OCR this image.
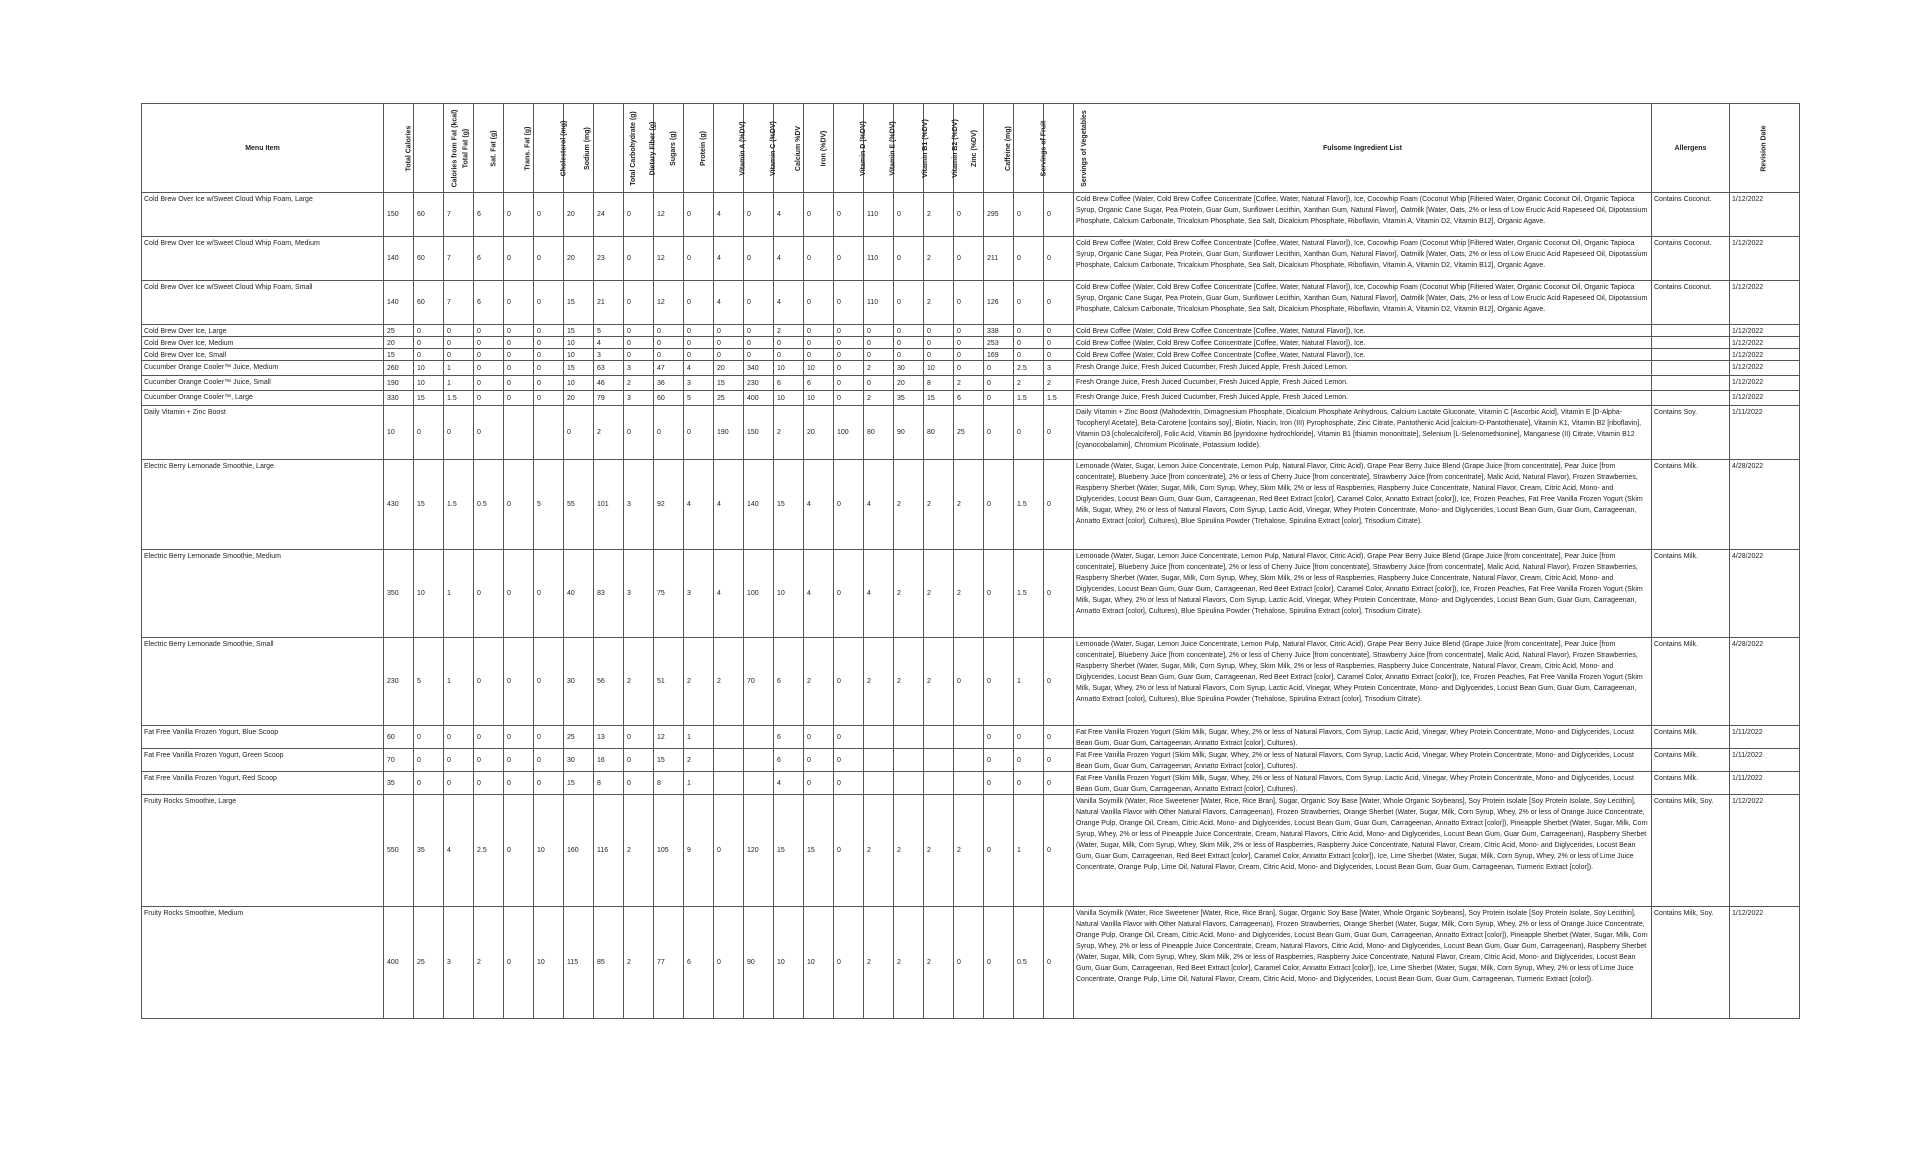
Menu Item	Total Calories	Calories from Fat (kcal)	Total Fat (g)	Sat. Fat (g)	Trans. Fat (g)	Cholesterol (mg)	Sodium (mg)	Total Carbohydrate (g)	Dietary Fiber (g)	Sugars (g)	Protein (g)	Vitamin A (%DV)	Vitamin C (%DV)	Calcium %DV	Iron (%DV)	Vitamin D (%DV)	Vitamin E (%DV)	Vitamin B1 (%DV)	Vitamin B2 (%DV)	Zinc (%DV)	Caffeine (mg)	Servings of Fruit	Servings of Vegetables	Fulsome Ingredient List	Allergens	Revision Date

Cold Brew Over Ice w/Sweet Cloud Whip Foam, Large	150	60	7	6	0	0	20	24	0	12	0	4	0	4	0	0	110	0	2	0	295	0	0	Cold Brew Coffee (Water, Cold Brew Coffee Concentrate [Coffee, Water, Natural Flavor]), Ice, Cocowhip Foam (Coconut Whip [Filtered Water, Organic Coconut Oil, Organic Tapioca Syrup, Organic Cane Sugar, Pea Protein, Guar Gum, Sunflower Lecithin, Xanthan Gum, Natural Flavor], Oatmilk [Water, Oats, 2% or less of Low Erucic Acid Rapeseed Oil, Dipotassium Phosphate, Calcium Carbonate, Tricalcium Phosphate, Sea Salt, Dicalcium Phosphate, Riboflavin, Vitamin A, Vitamin D2, Vitamin B12], Organic Agave.	Contains Coconut.	1/12/2022

Cold Brew Over Ice w/Sweet Cloud Whip Foam, Medium	140	60	7	6	0	0	20	23	0	12	0	4	0	4	0	0	110	0	2	0	211	0	0	Cold Brew Coffee (Water, Cold Brew Coffee Concentrate [Coffee, Water, Natural Flavor]), Ice, Cocowhip Foam (Coconut Whip [Filtered Water, Organic Coconut Oil, Organic Tapioca Syrup, Organic Cane Sugar, Pea Protein, Guar Gum, Sunflower Lecithin, Xanthan Gum, Natural Flavor], Oatmilk [Water, Oats, 2% or less of Low Erucic Acid Rapeseed Oil, Dipotassium Phosphate, Calcium Carbonate, Tricalcium Phosphate, Sea Salt, Dicalcium Phosphate, Riboflavin, Vitamin A, Vitamin D2, Vitamin B12], Organic Agave.	Contains Coconut.	1/12/2022

Cold Brew Over Ice w/Sweet Cloud Whip Foam, Small	140	60	7	6	0	0	15	21	0	12	0	4	0	4	0	0	110	0	2	0	126	0	0	Cold Brew Coffee (Water, Cold Brew Coffee Concentrate [Coffee, Water, Natural Flavor]), Ice, Cocowhip Foam (Coconut Whip [Filtered Water, Organic Coconut Oil, Organic Tapioca Syrup, Organic Cane Sugar, Pea Protein, Guar Gum, Sunflower Lecithin, Xanthan Gum, Natural Flavor], Oatmilk [Water, Oats, 2% or less of Low Erucic Acid Rapeseed Oil, Dipotassium Phosphate, Calcium Carbonate, Tricalcium Phosphate, Sea Salt, Dicalcium Phosphate, Riboflavin, Vitamin A, Vitamin D2, Vitamin B12], Organic Agave.	Contains Coconut.	1/12/2022

Cold Brew Over Ice, Large	25	0	0	0	0	0	15	5	0	0	0	0	0	2	0	0	0	0	0	0	338	0	0	Cold Brew Coffee (Water, Cold Brew Coffee Concentrate [Coffee, Water, Natural Flavor]), Ice.		1/12/2022

Cold Brew Over Ice, Medium	20	0	0	0	0	0	10	4	0	0	0	0	0	0	0	0	0	0	0	0	253	0	0	Cold Brew Coffee (Water, Cold Brew Coffee Concentrate [Coffee, Water, Natural Flavor]), Ice.		1/12/2022

Cold Brew Over Ice, Small	15	0	0	0	0	0	10	3	0	0	0	0	0	0	0	0	0	0	0	0	169	0	0	Cold Brew Coffee (Water, Cold Brew Coffee Concentrate [Coffee, Water, Natural Flavor]), Ice.		1/12/2022

Cucumber Orange Cooler™ Juice, Medium	260	10	1	0	0	0	15	63	3	47	4	20	340	10	10	0	2	30	10	0	0	2.5	3	Fresh Orange Juice, Fresh Juiced Cucumber, Fresh Juiced Apple, Fresh Juiced Lemon.		1/12/2022

Cucumber Orange Cooler™ Juice, Small	190	10	1	0	0	0	10	46	2	36	3	15	230	6	6	0	0	20	8	2	0	2	2	Fresh Orange Juice, Fresh Juiced Cucumber, Fresh Juiced Apple, Fresh Juiced Lemon.		1/12/2022

Cucumber Orange Cooler™, Large	330	15	1.5	0	0	0	20	79	3	60	5	25	400	10	10	0	2	35	15	6	0	1.5	1.5	Fresh Orange Juice, Fresh Juiced Cucumber, Fresh Juiced Apple, Fresh Juiced Lemon.		1/12/2022

Daily Vitamin + Zinc Boost	10	0	0	0			0	2	0	0	0	190	150	2	20	100	80	90	80	25	0	0	0	Daily Vitamin + Zinc Boost (Maltodextrin, Dimagnesium Phosphate, Dicalcium Phosphate Anhydrous, Calcium Lactate Gluconate, Vitamin C [Ascorbic Acid], Vitamin E [D-Alpha-Tocopheryl Acetate], Beta-Carotene [contains soy], Biotin, Niacin, Iron (III) Pyrophosphate, Zinc Citrate, Pantothenic Acid [calcium-D-Pantothenate], Vitamin K1, Vitamin B2 [riboflavin], Vitamin D3 [cholecalciferol], Folic Acid, Vitamin B6 [pyridoxine hydrochloride], Vitamin B1 [thiamin mononitrate], Selenium [L-Selenomethionine], Manganese (II) Citrate, Vitamin B12 [cyanocobalamin], Chromium Picolinate, Potassium Iodide).	Contains Soy.	1/11/2022

Electric Berry Lemonade Smoothie, Large	430	15	1.5	0.5	0	5	55	101	3	92	4	4	140	15	4	0	4	2	2	2	0	1.5	0	Lemonade (Water, Sugar, Lemon Juice Concentrate, Lemon Pulp, Natural Flavor, Citric Acid), Grape Pear Berry Juice Blend (Grape Juice [from concentrate], Pear Juice [from concentrate], Blueberry Juice [from concentrate], 2% or less of Cherry Juice [from concentrate], Strawberry Juice [from concentrate], Malic Acid, Natural Flavor), Frozen Strawberries, Raspberry Sherbet (Water, Sugar, Milk, Corn Syrup, Whey, Skim Milk, 2% or less of Raspberries, Raspberry Juice Concentrate, Natural Flavor, Cream, Citric Acid, Mono- and Diglycerides, Locust Bean Gum, Guar Gum, Carrageenan, Red Beet Extract [color], Caramel Color, Annatto Extract [color]), Ice, Frozen Peaches, Fat Free Vanilla Frozen Yogurt (Skim Milk, Sugar, Whey, 2% or less of Natural Flavors, Corn Syrup, Lactic Acid, Vinegar, Whey Protein Concentrate, Mono- and Diglycerides, Locust Bean Gum, Guar Gum, Carrageenan, Annatto Extract [color], Cultures), Blue Spirulina Powder (Trehalose, Spirulina Extract [color], Trisodium Citrate).	Contains Milk.	4/28/2022

Electric Berry Lemonade Smoothie, Medium	350	10	1	0	0	0	40	83	3	75	3	4	100	10	4	0	4	2	2	2	0	1.5	0	Lemonade (Water, Sugar, Lemon Juice Concentrate, Lemon Pulp, Natural Flavor, Citric Acid), Grape Pear Berry Juice Blend (Grape Juice [from concentrate], Pear Juice [from concentrate], Blueberry Juice [from concentrate], 2% or less of Cherry Juice [from concentrate], Strawberry Juice [from concentrate], Malic Acid, Natural Flavor), Frozen Strawberries, Raspberry Sherbet (Water, Sugar, Milk, Corn Syrup, Whey, Skim Milk, 2% or less of Raspberries, Raspberry Juice Concentrate, Natural Flavor, Cream, Citric Acid, Mono- and Diglycerides, Locust Bean Gum, Guar Gum, Carrageenan, Red Beet Extract [color], Caramel Color, Annatto Extract [color]), Ice, Frozen Peaches, Fat Free Vanilla Frozen Yogurt (Skim Milk, Sugar, Whey, 2% or less of Natural Flavors, Corn Syrup, Lactic Acid, Vinegar, Whey Protein Concentrate, Mono- and Diglycerides, Locust Bean Gum, Guar Gum, Carrageenan, Annatto Extract [color], Cultures), Blue Spirulina Powder (Trehalose, Spirulina Extract [color], Trisodium Citrate).	Contains Milk.	4/28/2022

Electric Berry Lemonade Smoothie, Small	230	5	1	0	0	0	30	56	2	51	2	2	70	6	2	0	2	2	2	0	0	1	0	Lemonade (Water, Sugar, Lemon Juice Concentrate, Lemon Pulp, Natural Flavor, Citric Acid), Grape Pear Berry Juice Blend (Grape Juice [from concentrate], Pear Juice [from concentrate], Blueberry Juice [from concentrate], 2% or less of Cherry Juice [from concentrate], Strawberry Juice [from concentrate], Malic Acid, Natural Flavor), Frozen Strawberries, Raspberry Sherbet (Water, Sugar, Milk, Corn Syrup, Whey, Skim Milk, 2% or less of Raspberries, Raspberry Juice Concentrate, Natural Flavor, Cream, Citric Acid, Mono- and Diglycerides, Locust Bean Gum, Guar Gum, Carrageenan, Red Beet Extract [color], Caramel Color, Annatto Extract [color]), Ice, Frozen Peaches, Fat Free Vanilla Frozen Yogurt (Skim Milk, Sugar, Whey, 2% or less of Natural Flavors, Corn Syrup, Lactic Acid, Vinegar, Whey Protein Concentrate, Mono- and Diglycerides, Locust Bean Gum, Guar Gum, Carrageenan, Annatto Extract [color], Cultures), Blue Spirulina Powder (Trehalose, Spirulina Extract [color], Trisodium Citrate).	Contains Milk.	4/28/2022

Fat Free Vanilla Frozen Yogurt, Blue Scoop	60	0	0	0	0	0	25	13	0	12	1			6	0	0					0	0	0	Fat Free Vanilla Frozen Yogurt (Skim Milk, Sugar, Whey, 2% or less of Natural Flavors, Corn Syrup, Lactic Acid, Vinegar, Whey Protein Concentrate, Mono- and Diglycerides, Locust Bean Gum, Guar Gum, Carrageenan, Annatto Extract [color], Cultures).	Contains Milk.	1/11/2022

Fat Free Vanilla Frozen Yogurt, Green Scoop	70	0	0	0	0	0	30	16	0	15	2			6	0	0					0	0	0	Fat Free Vanilla Frozen Yogurt (Skim Milk, Sugar, Whey, 2% or less of Natural Flavors, Corn Syrup, Lactic Acid, Vinegar, Whey Protein Concentrate, Mono- and Diglycerides, Locust Bean Gum, Guar Gum, Carrageenan, Annatto Extract [color], Cultures).	Contains Milk.	1/11/2022

Fat Free Vanilla Frozen Yogurt, Red Scoop	35	0	0	0	0	0	15	8	0	8	1			4	0	0					0	0	0	Fat Free Vanilla Frozen Yogurt (Skim Milk, Sugar, Whey, 2% or less of Natural Flavors, Corn Syrup, Lactic Acid, Vinegar, Whey Protein Concentrate, Mono- and Diglycerides, Locust Bean Gum, Guar Gum, Carrageenan, Annatto Extract [color], Cultures).	Contains Milk.	1/11/2022

Fruity Rocks Smoothie, Large	550	35	4	2.5	0	10	160	116	2	105	9	0	120	15	15	0	2	2	2	2	0	1	0	Vanilla Soymilk (Water, Rice Sweetener [Water, Rice, Rice Bran], Sugar, Organic Soy Base [Water, Whole Organic Soybeans], Soy Protein Isolate [Soy Protein Isolate, Soy Lecithin], Natural Vanilla Flavor with Other Natural Flavors, Carrageenan), Frozen Strawberries, Orange Sherbet (Water, Sugar, Milk, Corn Syrup, Whey, 2% or less of Orange Juice Concentrate, Orange Pulp, Orange Oil, Cream, Citric Acid, Mono- and Diglycerides, Locust Bean Gum, Guar Gum, Carrageenan, Annatto Extract [color]), Pineapple Sherbet (Water, Sugar, Milk, Corn Syrup, Whey, 2% or less of Pineapple Juice Concentrate, Cream, Natural Flavors, Citric Acid, Mono- and Diglycerides, Locust Bean Gum, Guar Gum, Carrageenan), Raspberry Sherbet (Water, Sugar, Milk, Corn Syrup, Whey, Skim Milk, 2% or less of Raspberries, Raspberry Juice Concentrate, Natural Flavor, Cream, Citric Acid, Mono- and Diglycerides, Locust Bean Gum, Guar Gum, Carrageenan, Red Beet Extract [color], Caramel Color, Annatto Extract [color]), Ice, Lime Sherbet (Water, Sugar, Milk, Corn Syrup, Whey, 2% or less of Lime Juice Concentrate, Orange Pulp, Lime Oil, Natural Flavor, Cream, Citric Acid, Mono- and Diglycerides, Locust Bean Gum, Guar Gum, Carrageenan, Turmeric Extract [color]).	Contains Milk, Soy.	1/12/2022

Fruity Rocks Smoothie, Medium	400	25	3	2	0	10	115	85	2	77	6	0	90	10	10	0	2	2	2	0	0	0.5	0	Vanilla Soymilk (Water, Rice Sweetener [Water, Rice, Rice Bran], Sugar, Organic Soy Base [Water, Whole Organic Soybeans], Soy Protein Isolate [Soy Protein Isolate, Soy Lecithin], Natural Vanilla Flavor with Other Natural Flavors, Carrageenan), Frozen Strawberries, Orange Sherbet (Water, Sugar, Milk, Corn Syrup, Whey, 2% or less of Orange Juice Concentrate, Orange Pulp, Orange Oil, Cream, Citric Acid, Mono- and Diglycerides, Locust Bean Gum, Guar Gum, Carrageenan, Annatto Extract [color]), Pineapple Sherbet (Water, Sugar, Milk, Corn Syrup, Whey, 2% or less of Pineapple Juice Concentrate, Cream, Natural Flavors, Citric Acid, Mono- and Diglycerides, Locust Bean Gum, Guar Gum, Carrageenan), Raspberry Sherbet (Water, Sugar, Milk, Corn Syrup, Whey, Skim Milk, 2% or less of Raspberries, Raspberry Juice Concentrate, Natural Flavor, Cream, Citric Acid, Mono- and Diglycerides, Locust Bean Gum, Guar Gum, Carrageenan, Red Beet Extract [color], Caramel Color, Annatto Extract [color]), Ice, Lime Sherbet (Water, Sugar, Milk, Corn Syrup, Whey, 2% or less of Lime Juice Concentrate, Orange Pulp, Lime Oil, Natural Flavor, Cream, Citric Acid, Mono- and Diglycerides, Locust Bean Gum, Guar Gum, Carrageenan, Turmeric Extract [color]).	Contains Milk, Soy.	1/12/2022
